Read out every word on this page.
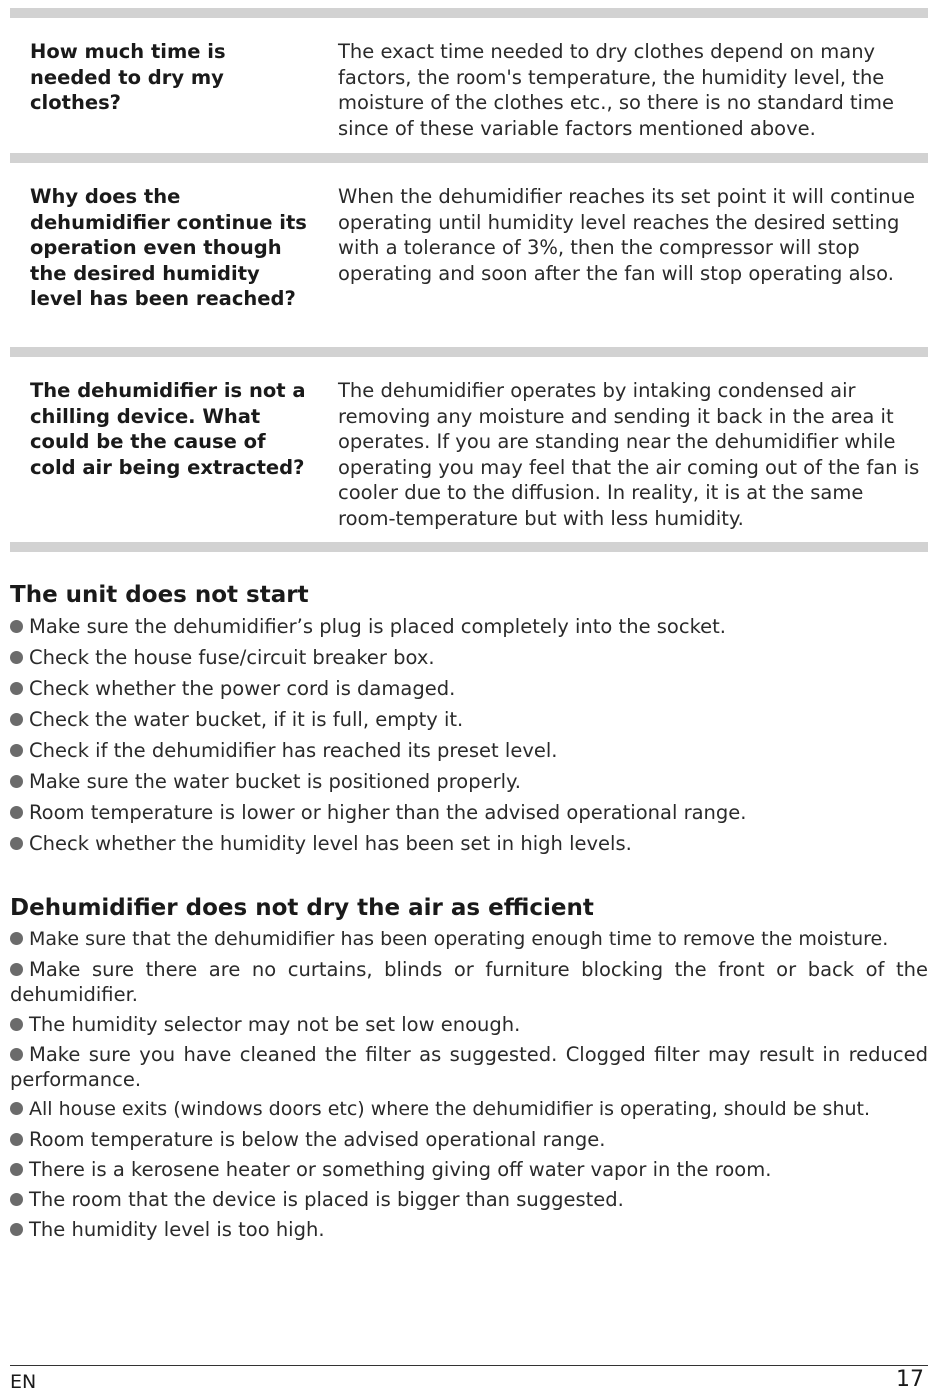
How much time is needed to dry my clothes?
The exact time needed to dry clothes depend on many factors, the room's temperature, the humidity level, the moisture of the clothes etc., so there is no standard time since of these variable factors mentioned above.
Why does the dehumidifier continue its operation even though the desired humidity level has been reached?
When the dehumidifier reaches its set point it will continue operating until humidity level reaches the desired setting with a tolerance of 3%, then the compressor will stop operating and soon after the fan will stop operating also.
The dehumidifier is not a chilling device. What could be the cause of cold air being extracted?
The dehumidifier operates by intaking condensed air removing any moisture and sending it back in the area it operates. If you are standing near the dehumidifier while operating you may feel that the air coming out of the fan is cooler due to the diffusion. In reality, it is at the same room-temperature but with less humidity.
The unit does not start

Make sure the dehumidifier’s plug is placed completely into the socket.

Check the house fuse/circuit breaker box.

Check whether the power cord is damaged.

Check the water bucket, if it is full, empty it.

Check if the dehumidifier has reached its preset level.

Make sure the water bucket is positioned properly.

Room temperature is lower or higher than the advised operational range.

Check whether the humidity level has been set in high levels.

Dehumidifier does not dry the air as efficient

Make sure that the dehumidifier has been operating enough time to remove the moisture.

Make sure there are no curtains, blinds or furniture blocking the front or back of the dehumidifier.

The humidity selector may not be set low enough.

Make sure you have cleaned the filter as suggested. Clogged filter may result in reduced performance.

All house exits (windows doors etc) where the dehumidifier is operating, should be shut.

Room temperature is below the advised operational range.

There is a kerosene heater or something giving off water vapor in the room.

The room that the device is placed is bigger than suggested.

The humidity level is too high.

EN	17
